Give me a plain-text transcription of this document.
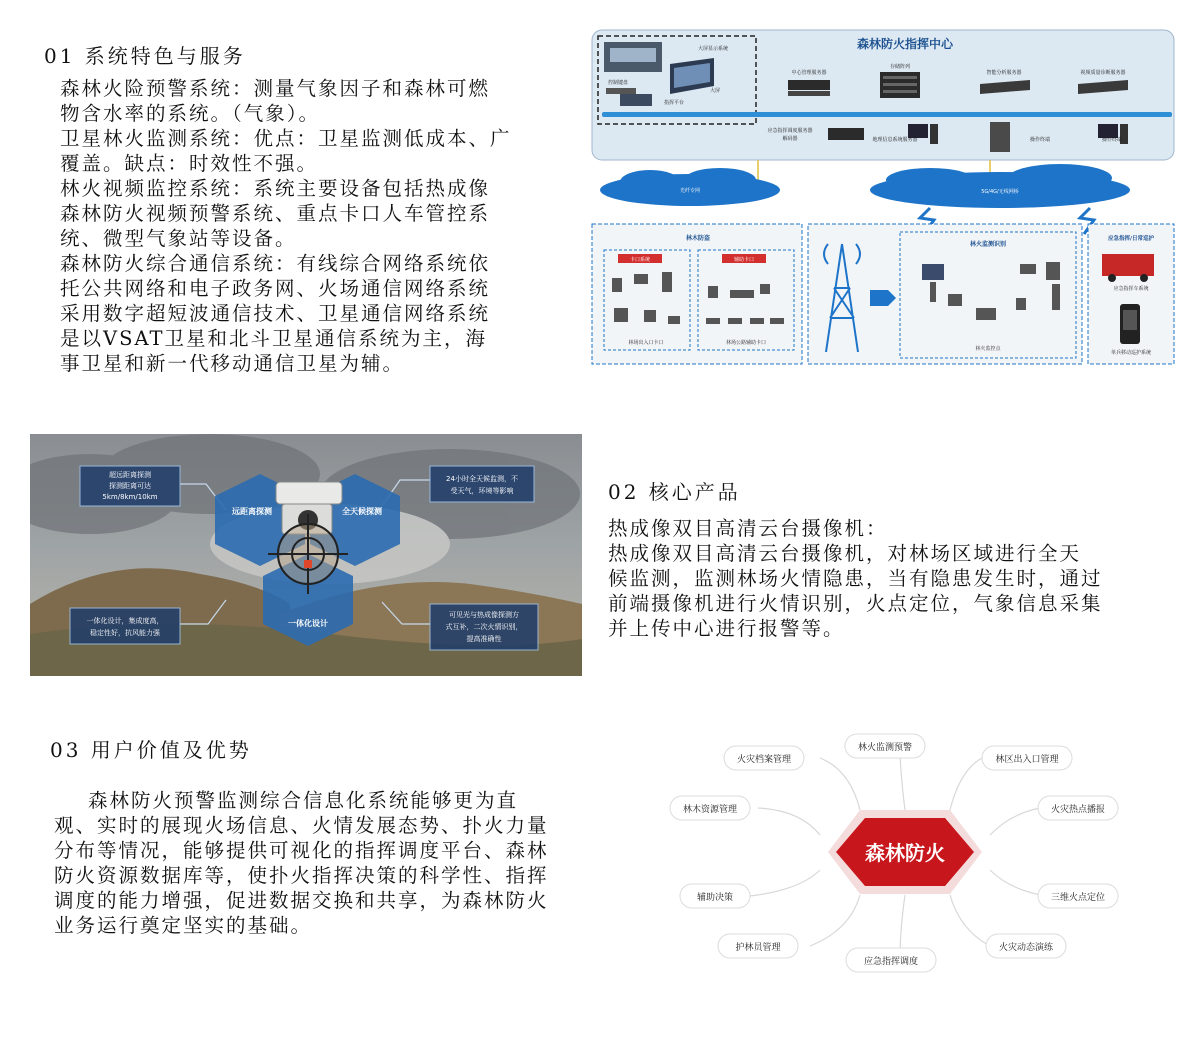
01 系统特色与服务
森林火险预警系统：测量气象因子和森林可燃
物含水率的系统。（气象）。
卫星林火监测系统：优点：卫星监测低成本、广
覆盖。缺点：时效性不强。
林火视频监控系统：系统主要设备包括热成像
森林防火视频预警系统、重点卡口人车管控系
统、微型气象站等设备。
森林防火综合通信系统：有线综合网络系统依
托公共网络和电子政务网、火场通信网络系统
采用数字超短波通信技术、卫星通信网络系统
是以VSAT卫星和北斗卫星通信系统为主，海
事卫星和新一代移动通信卫星为辅。
森林防火指挥中心
大屏显示系统
控制键盘
指挥平台
大屏
中心管理服务器
存储阵列
智能分析服务器	视频质量诊断服务器
应急指挥调度服务器
解码器	地理信息系统服务器	操作终端	操作终端
光纤专网	5G/4G/无线网桥
林木防盗
卡口系统	辅助卡口
林场出入口卡口	林场公路辅助卡口
林火监测识别
林火监控点
应急指挥/日常巡护
应急指挥车系统
单兵移动巡护系统
超远距离探测
探测距离可达
5km/8km/10km
24小时全天候监测，不
受天气，环境等影响
一体化设计，集成度高，
稳定性好，抗风能力强
可见光与热成像探测方
式互补，二次火情识别，
提高准确性
远距离探测	全天候探测
一体化设计
02 核心产品
热成像双目高清云台摄像机：
热成像双目高清云台摄像机，对林场区域进行全天
候监测，监测林场火情隐患，当有隐患发生时，通过
前端摄像机进行火情识别，火点定位，气象信息采集
并上传中心进行报警等。
03 用户价值及优势
森林防火预警监测综合信息化系统能够更为直
观、实时的展现火场信息、火情发展态势、扑火力量
分布等情况，能够提供可视化的指挥调度平台、森林
防火资源数据库等，使扑火指挥决策的科学性、指挥
调度的能力增强，促进数据交换和共享，为森林防火
业务运行奠定坚实的基础。
森林防火
火灾档案管理
林火监测预警
林区出入口管理
林木资源管理	火灾热点播报
辅助决策	三维火点定位
护林员管理
应急指挥调度
火灾动态演练
